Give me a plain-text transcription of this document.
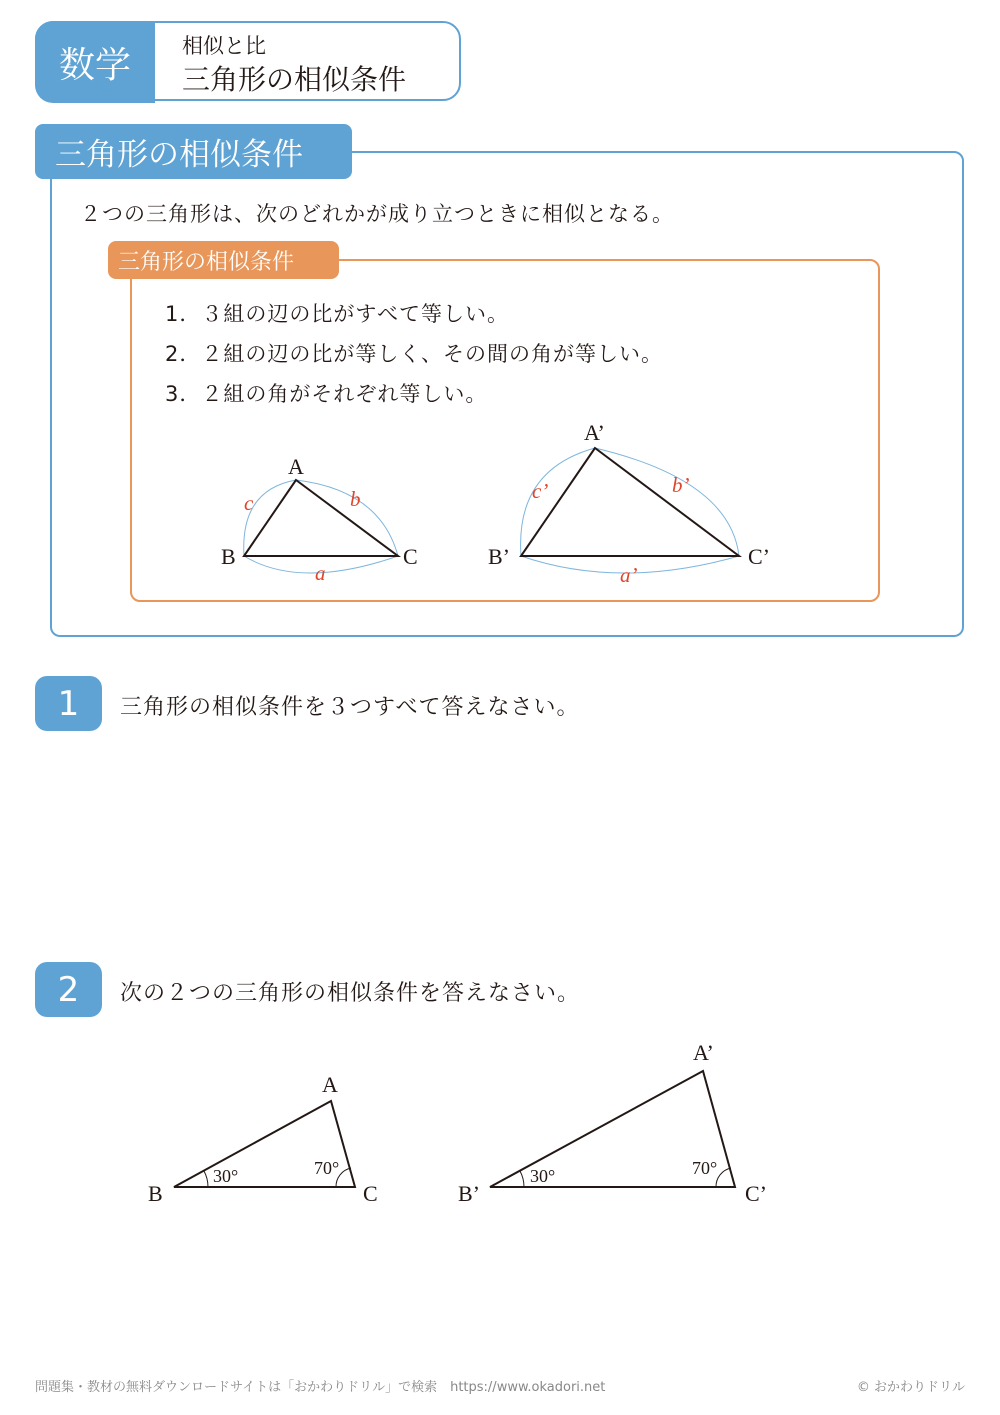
数学	相似と比
三角形の相似条件
三角形の相似条件
２つの三角形は、次のどれかが成り立つときに相似となる。
三角形の相似条件
1．３組の辺の比がすべて等しい。
2．２組の辺の比が等しく、その間の角が等しい。
3．２組の角がそれぞれ等しい。
1	三角形の相似条件を３つすべて答えなさい。
2	次の２つの三角形の相似条件を答えなさい。
A
B	C
a
b
c
A’
B’	C’
a’
b’
c’
A
B	C
30°	70°
A’
B’	C’
30°	70°
問題集・教材の無料ダウンロードサイトは「おかわりドリル」で検索　https://www.okadori.net	© おかわりドリル
